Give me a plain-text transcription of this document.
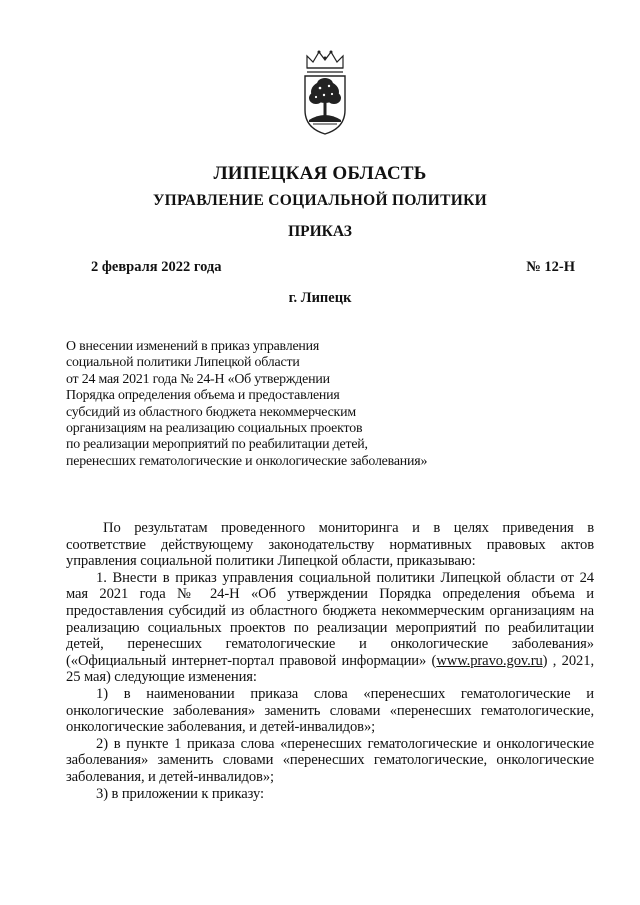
ЛИПЕЦКАЯ ОБЛАСТЬ
УПРАВЛЕНИЕ СОЦИАЛЬНОЙ ПОЛИТИКИ
ПРИКАЗ
2 февраля 2022 года	№ 12-Н
г. Липецк
О внесении изменений в приказ управления
социальной политики Липецкой области
от 24 мая 2021 года № 24-Н «Об утверждении
Порядка определения объема и предоставления
субсидий из областного бюджета некоммерческим
организациям на реализацию социальных проектов
по реализации мероприятий по реабилитации детей,
перенесших гематологические и онкологические заболевания»

По результатам проведенного мониторинга и в целях приведения в соответствие действующему законодательству нормативных правовых актов управления социальной политики Липецкой области, приказываю:

1. Внести в приказ управления социальной политики Липецкой области от 24 мая 2021 года № 24-Н «Об утверждении Порядка определения объема и предоставления субсидий из областного бюджета некоммерческим организациям на реализацию социальных проектов по реализации мероприятий по реабилитации детей, перенесших гематологические и онкологические заболевания» («Официальный интернет-портал правовой информации» (www.pravo.gov.ru) , 2021, 25 мая) следующие изменения:

1) в наименовании приказа слова «перенесших гематологические и онкологические заболевания» заменить словами «перенесших гематологические, онкологические заболевания, и детей-инвалидов»;

2) в пункте 1 приказа слова «перенесших гематологические и онкологические заболевания» заменить словами «перенесших гематологические, онкологические заболевания, и детей-инвалидов»;

3) в приложении к приказу:
